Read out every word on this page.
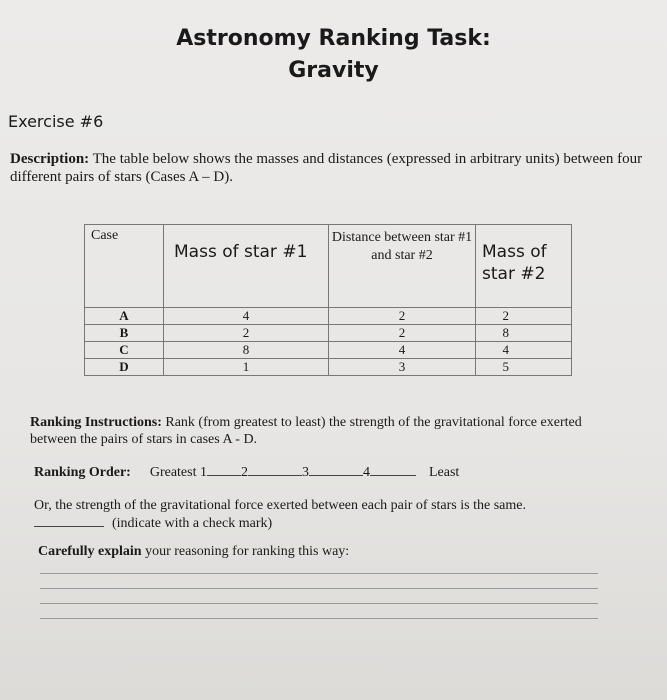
Astronomy Ranking Task:
Gravity
Exercise #6
Description: The table below shows the masses and distances (expressed in arbitrary units) between four different pairs of stars (Cases A – D).
Case	Mass of star #1	Distance between star #1 and star #2	Mass of star #2
A	4	2	2
B	2	2	8
C	8	4	4
D	1	3	5
Ranking Instructions: Rank (from greatest to least) the strength of the gravitational force exerted between the pairs of stars in cases A - D.
Ranking Order: Greatest 1 2	3	4	Least
Or, the strength of the gravitational force exerted between each pair of stars is the same.
(indicate with a check mark)
Carefully explain your reasoning for ranking this way:
